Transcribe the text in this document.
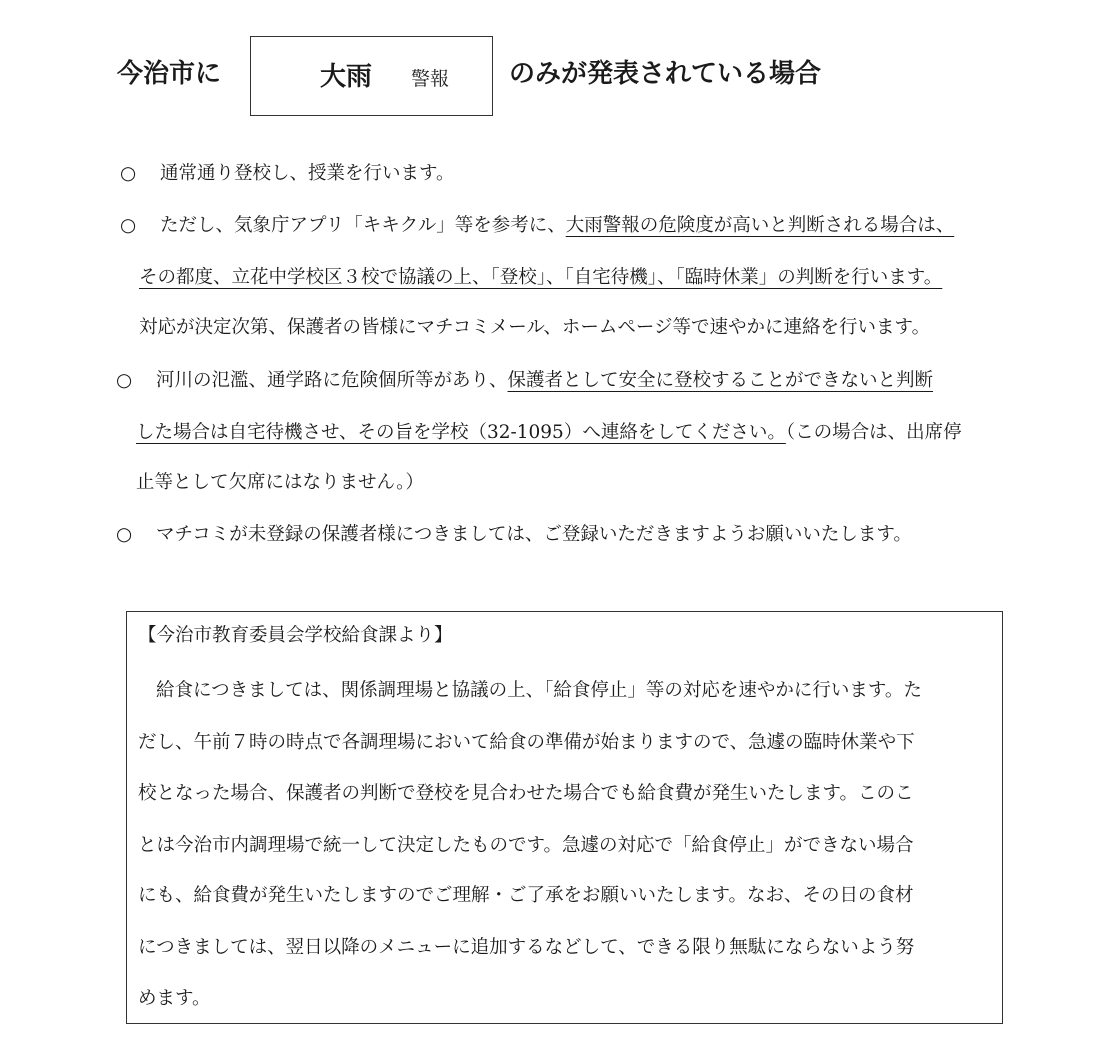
今治市に	大雨 警報 のみが発表されている場合
○ 通常通り登校し、授業を行います。
○ ただし、気象庁アプリ「キキクル」等を参考に、大雨警報の危険度が高いと判断される場合は、
その都度、立花中学校区３校で協議の上、「登校」、「自宅待機」、「臨時休業」の判断を行います。
対応が決定次第、保護者の皆様にマチコミメール、ホームページ等で速やかに連絡を行います。
○ 河川の氾濫、通学路に危険個所等があり、保護者として安全に登校することができないと判断
した場合は自宅待機させ、その旨を学校（32-1095）へ連絡をしてください。（この場合は、出席停
止等として欠席にはなりません。）
○ マチコミが未登録の保護者様につきましては、ご登録いただきますようお願いいたします。
【今治市教育委員会学校給食課より】
給食につきましては、関係調理場と協議の上、「給食停止」等の対応を速やかに行います。た
だし、午前７時の時点で各調理場において給食の準備が始まりますので、急遽の臨時休業や下
校となった場合、保護者の判断で登校を見合わせた場合でも給食費が発生いたします。このこ
とは今治市内調理場で統一して決定したものです。急遽の対応で「給食停止」ができない場合
にも、給食費が発生いたしますのでご理解・ご了承をお願いいたします。なお、その日の食材
につきましては、翌日以降のメニューに追加するなどして、できる限り無駄にならないよう努
めます。
